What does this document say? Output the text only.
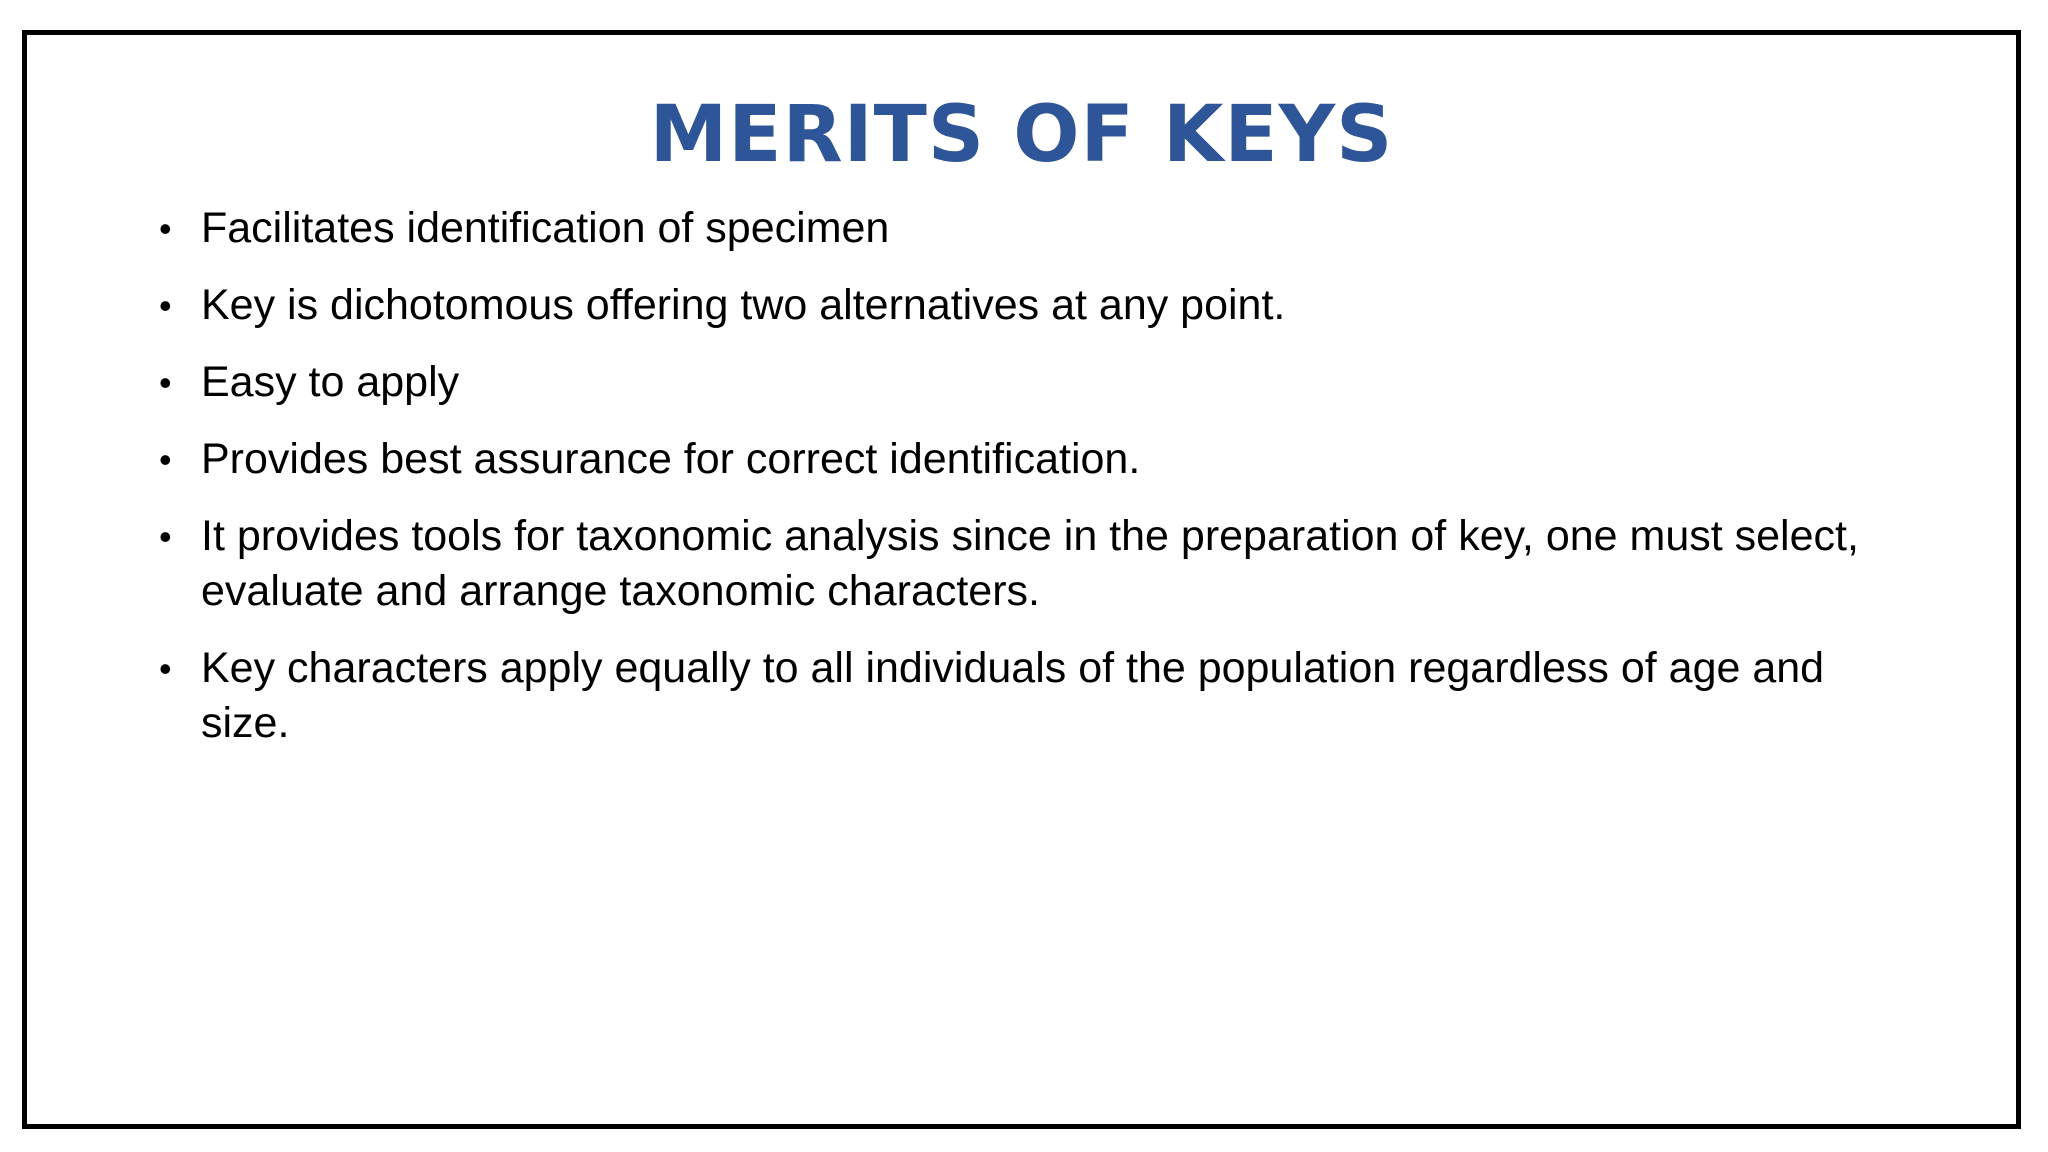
MERITS OF KEYS
• Facilitates identification of specimen
• Key is dichotomous offering two alternatives at any point.
• Easy to apply
• Provides best assurance for correct identification.
• It provides tools for taxonomic analysis since in the preparation of key, one must select, evaluate and arrange taxonomic characters.
• Key characters apply equally to all individuals of the population regardless of age and size.
